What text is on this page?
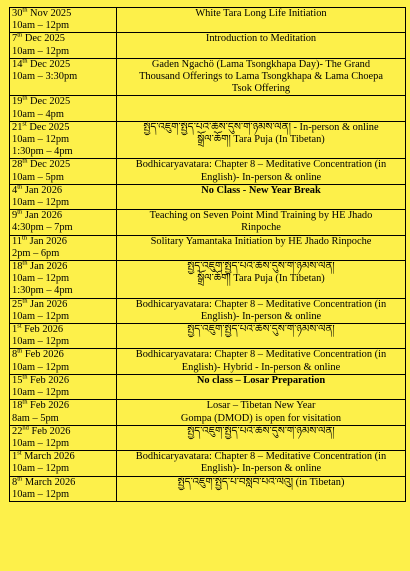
30th Nov 2025
10am – 12pm	White Tara Long Life Initiation

7th Dec 2025
10am – 12pm	Introduction to Meditation

14th Dec 2025
10am – 3:30pm	Gaden Ngachö (Lama Tsongkhapa Day)- The Grand
Thousand Offerings to Lama Tsongkhapa & Lama Choepa
Tsok Offering

19th Dec 2025
10am – 4pm	

21st Dec 2025
10am – 12pm
1:30pm – 4pm	སྤྱོད་འཇུག་སྤྱོད་པའི་ཆོས་དུས་གི་ཉམས་ལེན། - In-person & online
སྒྲོལ་ཆོག། Tara Puja (In Tibetan)

28th Dec 2025
10am – 5pm	Bodhicaryavatara: Chapter 8 – Meditative Concentration (in
English)- In-person & online

4th Jan 2026
10am – 12pm	No Class - New Year Break

9th Jan 2026
4:30pm – 7pm	Teaching on Seven Point Mind Training by HE Jhado
Rinpoche

11th Jan 2026
2pm – 6pm	Solitary Yamantaka Initiation by HE Jhado Rinpoche

18th Jan 2026
10am – 12pm
1:30pm – 4pm	སྤྱོད་འཇུག་སྤྱོད་པའི་ཆོས་དུས་གི་ཉམས་ལེན།
སྒྲོལ་ཆོག། Tara Puja (In Tibetan)

25th Jan 2026
10am – 12pm	Bodhicaryavatara: Chapter 8 – Meditative Concentration (in
English)- In-person & online

1st Feb 2026
10am – 12pm	སྤྱོད་འཇུག་སྤྱོད་པའི་ཆོས་དུས་གི་ཉམས་ལེན།

8th Feb 2026
10am – 12pm	Bodhicaryavatara: Chapter 8 – Meditative Concentration (in
English)- Hybrid - In-person & online

15th Feb 2026
10am – 12pm	No class – Losar Preparation

18th Feb 2026
8am – 5pm	Losar – Tibetan New Year
Gompa (DMOD) is open for visitation

22nd Feb 2026
10am – 12pm	སྤྱོད་འཇུག་སྤྱོད་པའི་ཆོས་དུས་གི་ཉམས་ལེན།

1st March 2026
10am – 12pm	Bodhicaryavatara: Chapter 8 – Meditative Concentration (in
English)- In-person & online

8th March 2026
10am – 12pm	སྤྱོད་འཇུག་སྤྱོད་པ་བསླབ་པའི་ལེའུ། (in Tibetan)
